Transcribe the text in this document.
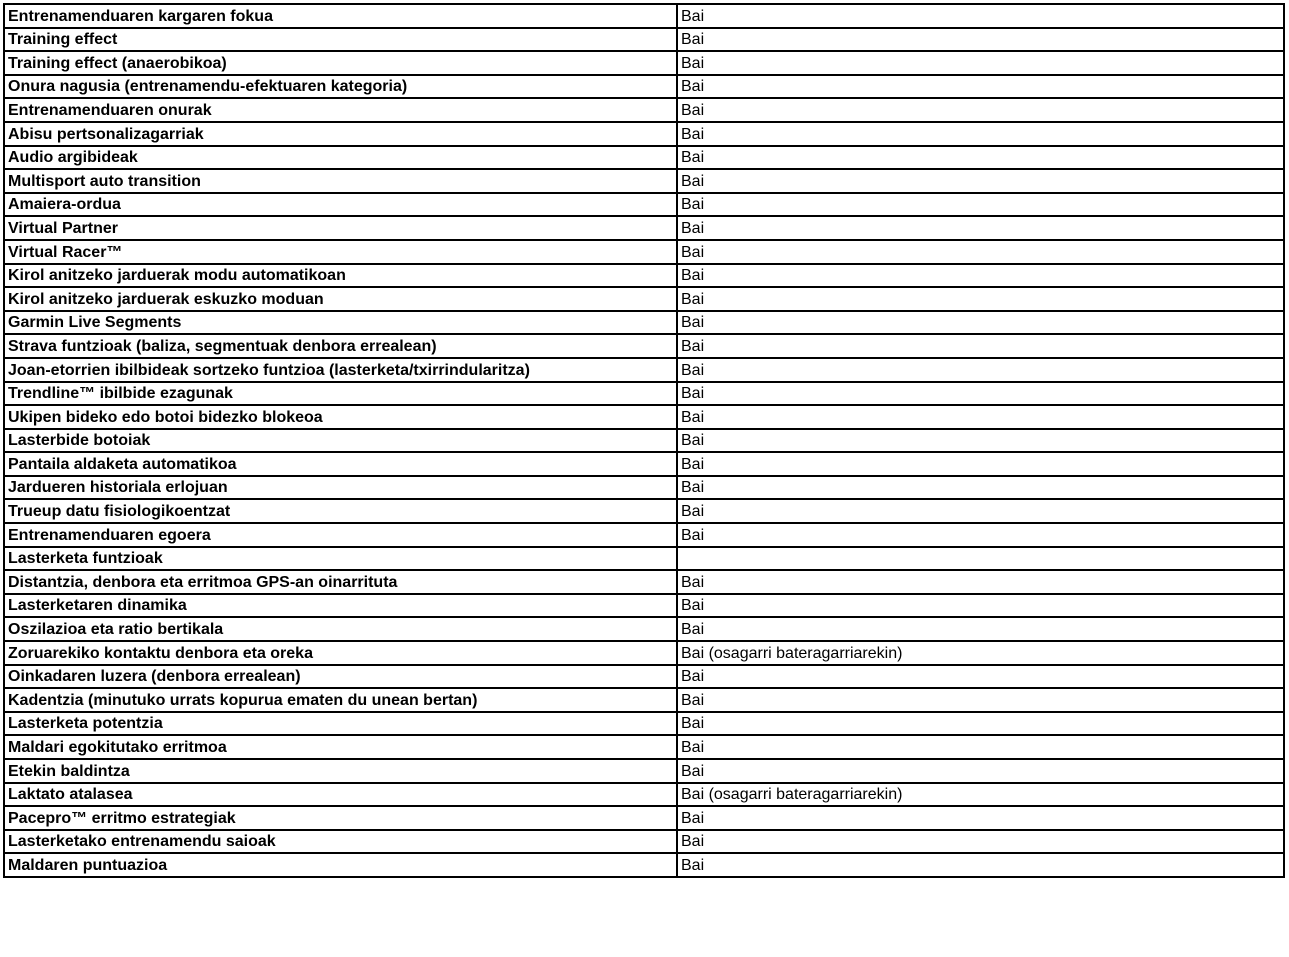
Entrenamenduaren kargaren fokua	Bai
Training effect	Bai
Training effect (anaerobikoa)	Bai
Onura nagusia (entrenamendu-efektuaren kategoria)	Bai
Entrenamenduaren onurak	Bai
Abisu pertsonalizagarriak	Bai
Audio argibideak	Bai
Multisport auto transition	Bai
Amaiera-ordua	Bai
Virtual Partner	Bai
Virtual Racer™	Bai
Kirol anitzeko jarduerak modu automatikoan	Bai
Kirol anitzeko jarduerak eskuzko moduan	Bai
Garmin Live Segments	Bai
Strava funtzioak (baliza, segmentuak denbora errealean)	Bai
Joan-etorrien ibilbideak sortzeko funtzioa (lasterketa/txirrindularitza)	Bai
Trendline™ ibilbide ezagunak	Bai
Ukipen bideko edo botoi bidezko blokeoa	Bai
Lasterbide botoiak	Bai
Pantaila aldaketa automatikoa	Bai
Jardueren historiala erlojuan	Bai
Trueup datu fisiologikoentzat	Bai
Entrenamenduaren egoera	Bai
Lasterketa funtzioak	
Distantzia, denbora eta erritmoa GPS-an oinarrituta	Bai
Lasterketaren dinamika	Bai
Oszilazioa eta ratio bertikala	Bai
Zoruarekiko kontaktu denbora eta oreka	Bai (osagarri bateragarriarekin)
Oinkadaren luzera (denbora errealean)	Bai
Kadentzia (minutuko urrats kopurua ematen du unean bertan)	Bai
Lasterketa potentzia	Bai
Maldari egokitutako erritmoa	Bai
Etekin baldintza	Bai
Laktato atalasea	Bai (osagarri bateragarriarekin)
Pacepro™ erritmo estrategiak	Bai
Lasterketako entrenamendu saioak	Bai
Maldaren puntuazioa	Bai
